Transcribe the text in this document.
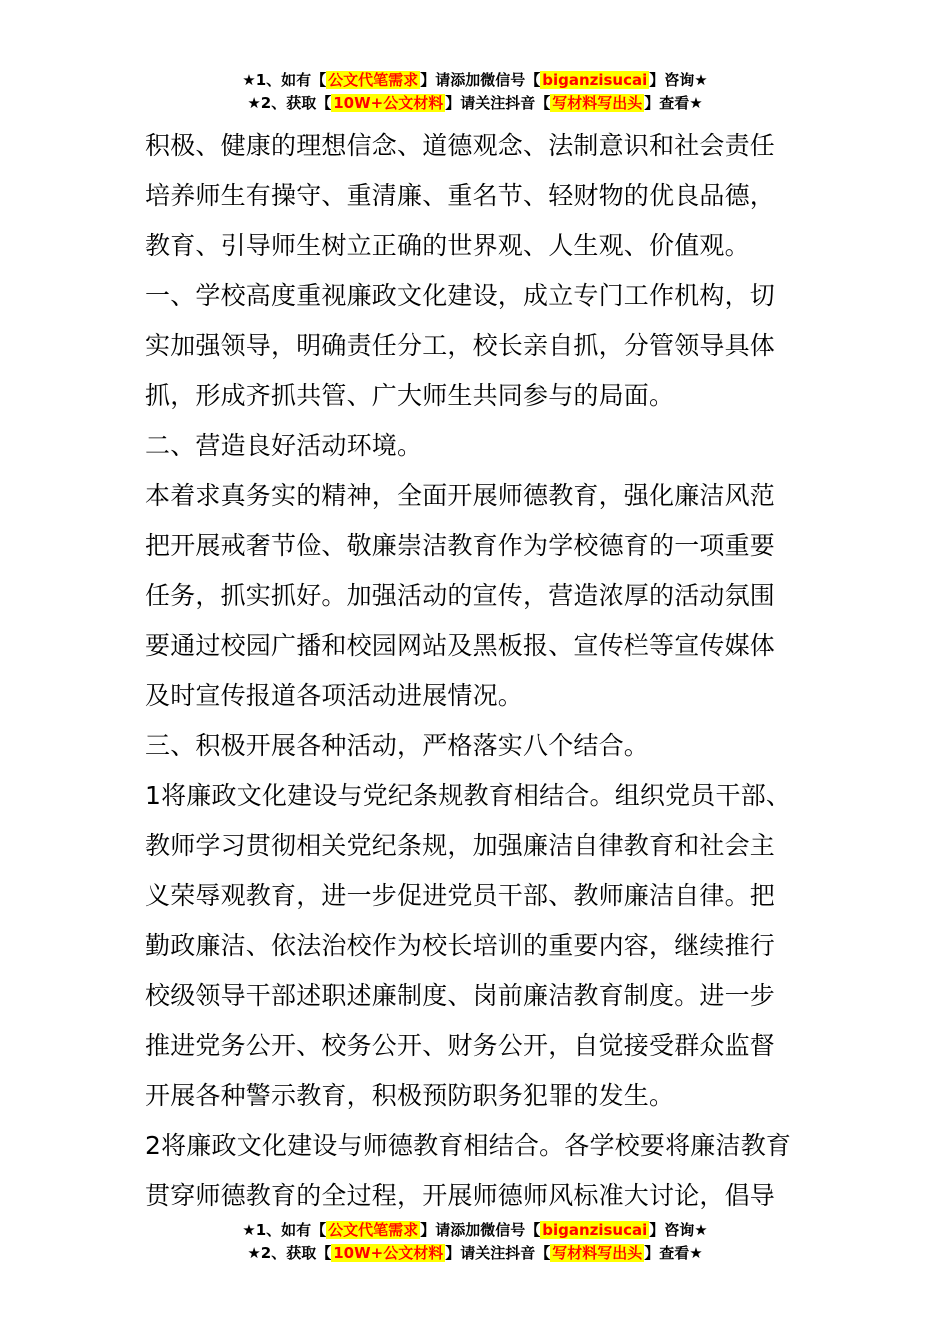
★1、如有【 公文代笔需求 】请添加微信号【 biganzisucai 】咨询★
★2、获取【 10W+公文材料 】请关注抖音【 写材料写出头 】查看★

积极、健康的理想信念、道德观念、法制意识和社会责任
培养师生有操守、重清廉、重名节、轻财物的优良品德，
教育、引导师生树立正确的世界观、人生观、价值观。

一、学校高度重视廉政文化建设，成立专门工作机构，切
实加强领导，明确责任分工，校长亲自抓，分管领导具体
抓，形成齐抓共管、广大师生共同参与的局面。

二、营造良好活动环境。

本着求真务实的精神，全面开展师德教育，强化廉洁风范
把开展戒奢节俭、敬廉崇洁教育作为学校德育的一项重要
任务，抓实抓好。加强活动的宣传，营造浓厚的活动氛围
要通过校园广播和校园网站及黑板报、宣传栏等宣传媒体
及时宣传报道各项活动进展情况。

三、积极开展各种活动，严格落实八个结合。

1将廉政文化建设与党纪条规教育相结合。组织党员干部、
教师学习贯彻相关党纪条规，加强廉洁自律教育和社会主
义荣辱观教育，进一步促进党员干部、教师廉洁自律。把
勤政廉洁、依法治校作为校长培训的重要内容，继续推行
校级领导干部述职述廉制度、岗前廉洁教育制度。进一步
推进党务公开、校务公开、财务公开，自觉接受群众监督
开展各种警示教育，积极预防职务犯罪的发生。

2将廉政文化建设与师德教育相结合。各学校要将廉洁教育
贯穿师德教育的全过程，开展师德师风标准大讨论，倡导

★1、如有【 公文代笔需求 】请添加微信号【 biganzisucai 】咨询★
★2、获取【 10W+公文材料 】请关注抖音【 写材料写出头 】查看★
